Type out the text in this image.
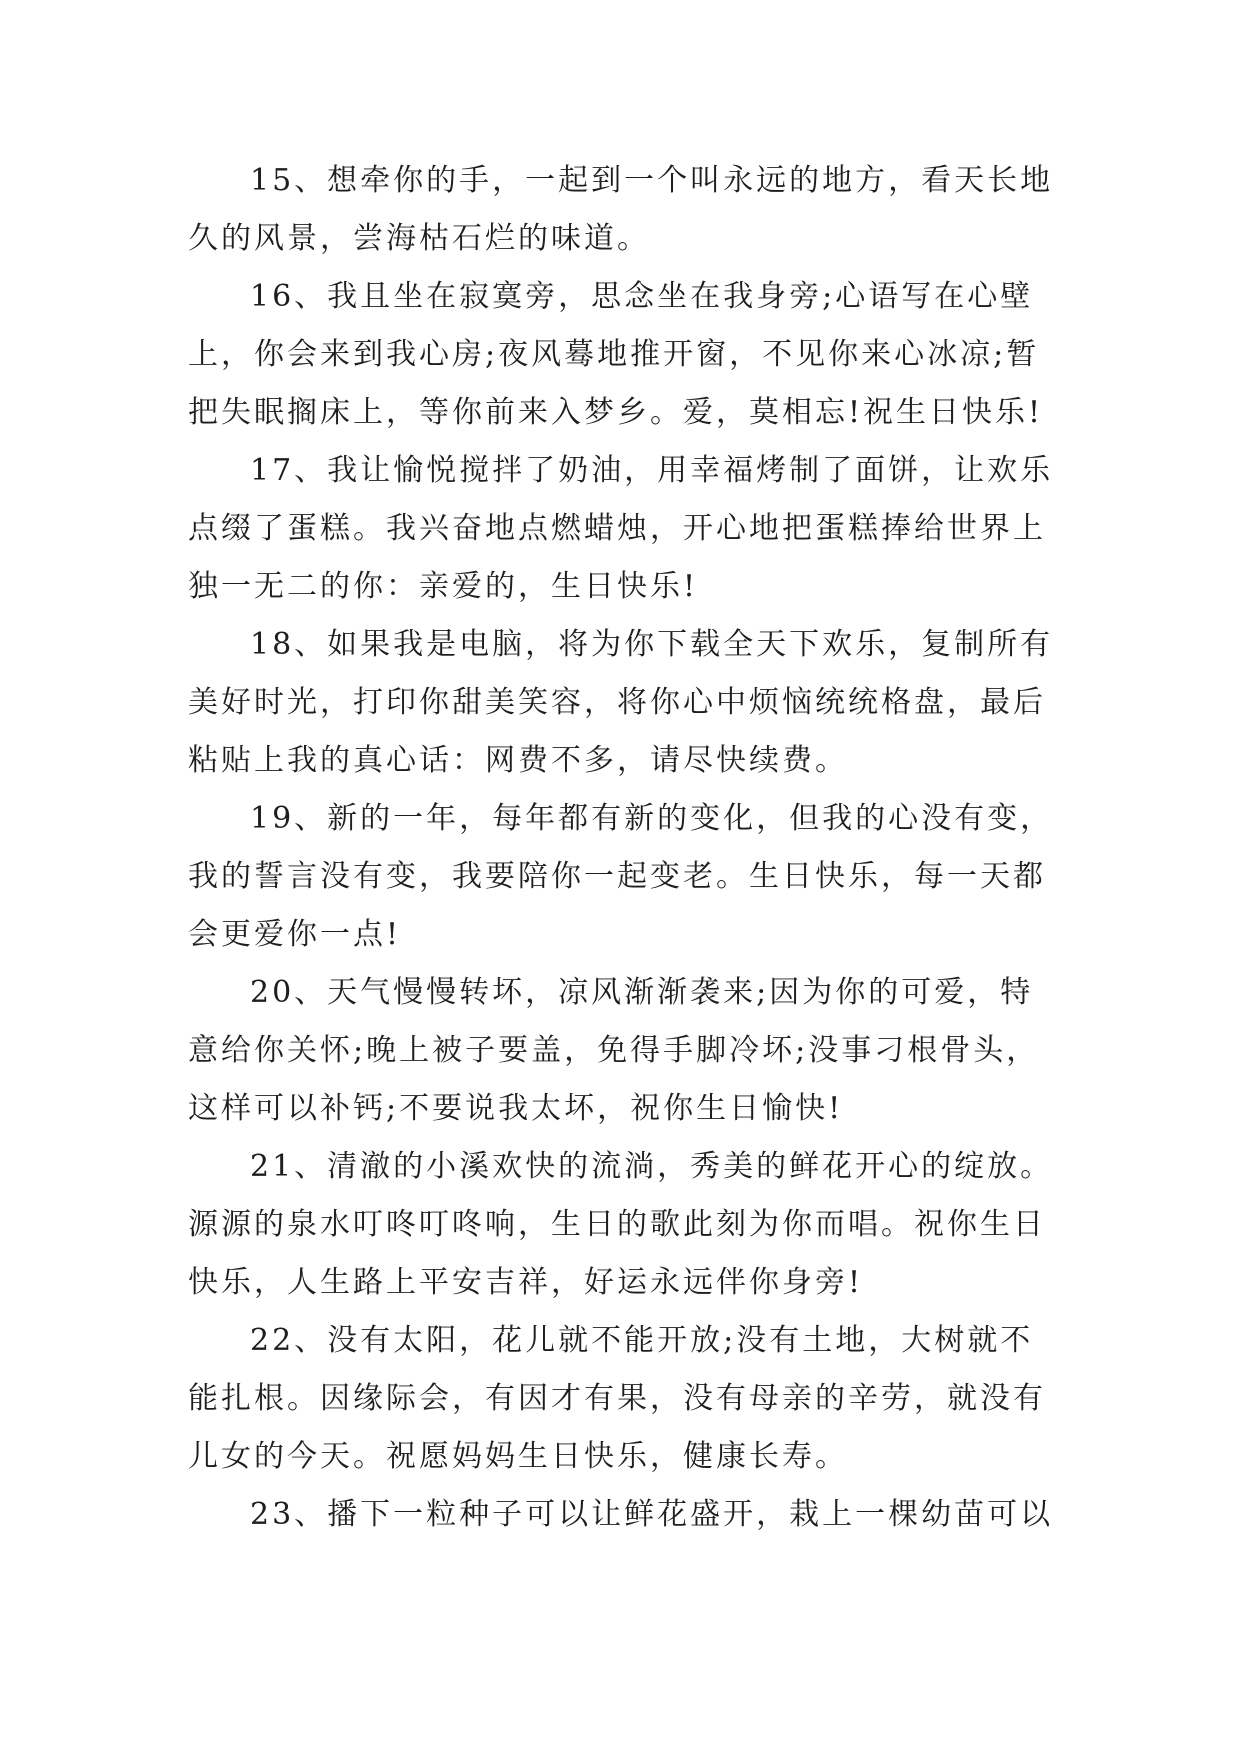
15、想牵你的手，一起到一个叫永远的地方，看天长地
久的风景，尝海枯石烂的味道。

16、我且坐在寂寞旁，思念坐在我身旁;心语写在心壁
上，你会来到我心房;夜风蓦地推开窗，不见你来心冰凉;暂
把失眠搁床上，等你前来入梦乡。爱，莫相忘!祝生日快乐!

17、我让愉悦搅拌了奶油，用幸福烤制了面饼，让欢乐
点缀了蛋糕。我兴奋地点燃蜡烛，开心地把蛋糕捧给世界上
独一无二的你：亲爱的，生日快乐!

18、如果我是电脑，将为你下载全天下欢乐，复制所有
美好时光，打印你甜美笑容，将你心中烦恼统统格盘，最后
粘贴上我的真心话：网费不多，请尽快续费。

19、新的一年，每年都有新的变化，但我的心没有变，
我的誓言没有变，我要陪你一起变老。生日快乐，每一天都
会更爱你一点!

20、天气慢慢转坏，凉风渐渐袭来;因为你的可爱，特
意给你关怀;晚上被子要盖，免得手脚冷坏;没事刁根骨头，
这样可以补钙;不要说我太坏，祝你生日愉快!

21、清澈的小溪欢快的流淌，秀美的鲜花开心的绽放。
源源的泉水叮咚叮咚响，生日的歌此刻为你而唱。祝你生日
快乐，人生路上平安吉祥，好运永远伴你身旁!

22、没有太阳，花儿就不能开放;没有土地，大树就不
能扎根。因缘际会，有因才有果，没有母亲的辛劳，就没有
儿女的今天。祝愿妈妈生日快乐，健康长寿。

23、播下一粒种子可以让鲜花盛开，栽上一棵幼苗可以
